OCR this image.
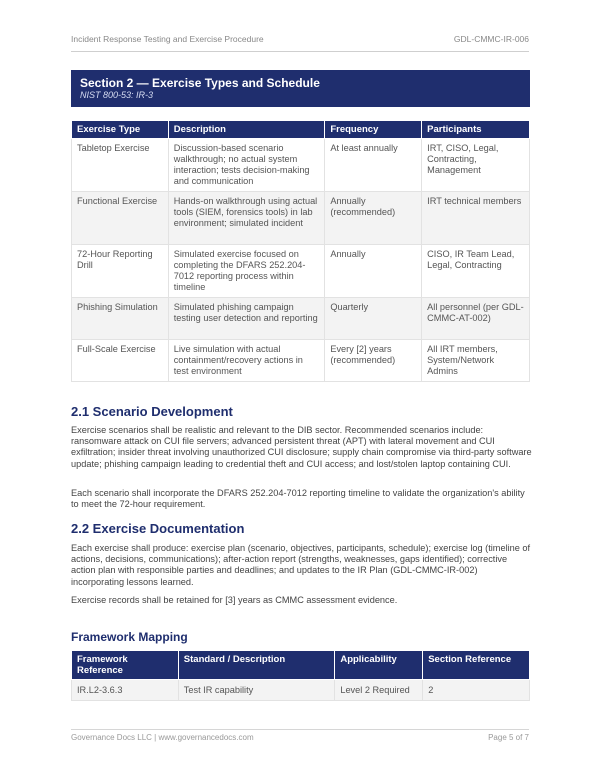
Incident Response Testing and Exercise Procedure	GDL-CMMC-IR-006
Section 2 — Exercise Types and Schedule
NIST 800-53: IR-3
Exercise Type	Description	Frequency	Participants
Tabletop Exercise	Discussion-based scenario walkthrough; no actual system interaction; tests decision-making and communication	At least annually	IRT, CISO, Legal, Contracting, Management
Functional Exercise	Hands-on walkthrough using actual tools (SIEM, forensics tools) in lab environment; simulated incident	Annually (recommended)	IRT technical members
72-Hour Reporting Drill	Simulated exercise focused on completing the DFARS 252.204-7012 reporting process within timeline	Annually	CISO, IR Team Lead, Legal, Contracting
Phishing Simulation	Simulated phishing campaign testing user detection and reporting	Quarterly	All personnel (per GDL-CMMC-AT-002)
Full-Scale Exercise	Live simulation with actual containment/recovery actions in test environment	Every [2] years (recommended)	All IRT members, System/Network Admins
2.1 Scenario Development

Exercise scenarios shall be realistic and relevant to the DIB sector. Recommended scenarios include: ransomware attack on CUI file servers; advanced persistent threat (APT) with lateral movement and CUI exfiltration; insider threat involving unauthorized CUI disclosure; supply chain compromise via third-party software update; phishing campaign leading to credential theft and CUI access; and lost/stolen laptop containing CUI.

Each scenario shall incorporate the DFARS 252.204-7012 reporting timeline to validate the organization's ability to meet the 72-hour requirement.

2.2 Exercise Documentation

Each exercise shall produce: exercise plan (scenario, objectives, participants, schedule); exercise log (timeline of actions, decisions, communications); after-action report (strengths, weaknesses, gaps identified); corrective action plan with responsible parties and deadlines; and updates to the IR Plan (GDL-CMMC-IR-002) incorporating lessons learned.

Exercise records shall be retained for [3] years as CMMC assessment evidence.

Framework Mapping
Framework Reference	Standard / Description	Applicability	Section Reference
IR.L2-3.6.3	Test IR capability	Level 2 Required	2
Governance Docs LLC | www.governancedocs.com	Page 5 of 7
